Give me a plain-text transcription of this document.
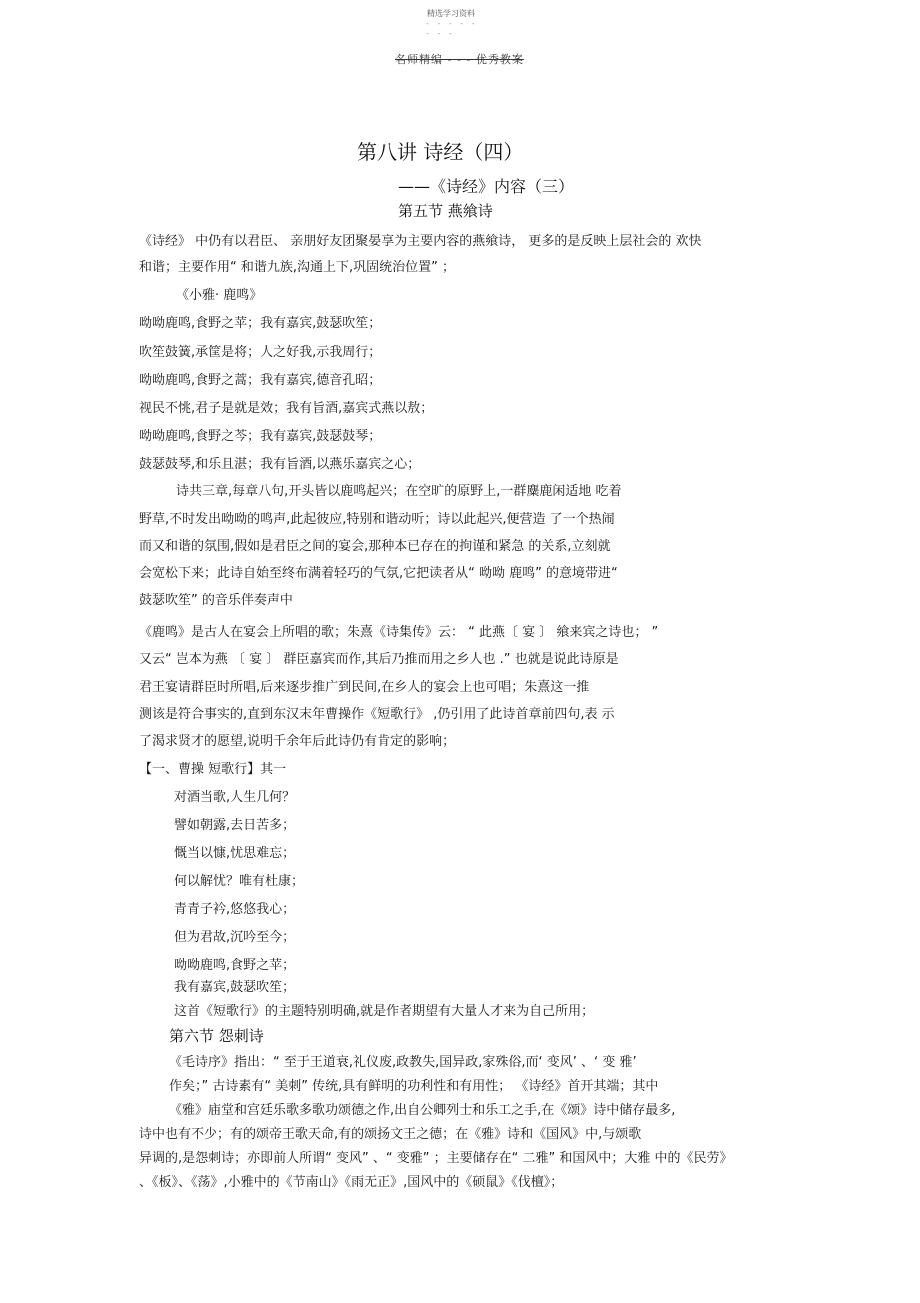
精选学习资料
- - - - -
- - -
名师精编 - - - 优秀教案
第八讲 诗经（四）
——《诗经》内容（三）
第五节 燕飨诗
《诗经》 中仍有以君臣、 亲朋好友团聚晏享为主要内容的燕飨诗， 更多的是反映上层社会的 欢快
和谐；主要作用“ 和谐九族,沟通上下,巩固统治位置” ；
《小雅· 鹿鸣》
呦呦鹿鸣,食野之苹；我有嘉宾,鼓瑟吹笙；
吹笙鼓簧,承筐是将；人之好我,示我周行；
呦呦鹿鸣,食野之蒿；我有嘉宾,德音孔昭；
视民不恌,君子是就是效；我有旨酒,嘉宾式燕以敖；
呦呦鹿鸣,食野之芩；我有嘉宾,鼓瑟鼓琴；
鼓瑟鼓琴,和乐且湛；我有旨酒,以燕乐嘉宾之心；
诗共三章,每章八句,开头皆以鹿鸣起兴；在空旷的原野上,一群麋鹿闲适地 吃着
野草,不时发出呦呦的鸣声,此起彼应,特别和谐动听；诗以此起兴,便营造 了一个热闹
而又和谐的氛围,假如是君臣之间的宴会,那种本已存在的拘谨和紧急 的关系,立刻就
会宽松下来；此诗自始至终布满着轻巧的气氛,它把读者从“ 呦呦 鹿鸣” 的意境带进“
鼓瑟吹笙” 的音乐伴奏声中
《鹿鸣》是古人在宴会上所唱的歌；朱熹《诗集传》云： “ 此燕〔 宴 〕 飨来宾之诗也； ”
又云“ 岂本为燕 〔 宴 〕 群臣嘉宾而作,其后乃推而用之乡人也 .” 也就是说此诗原是
君王宴请群臣时所唱,后来逐步推广到民间,在乡人的宴会上也可唱；朱熹这一推
测该是符合事实的,直到东汉末年曹操作《短歌行》 ,仍引用了此诗首章前四句,表 示
了渴求贤才的愿望,说明千余年后此诗仍有肯定的影响；
【一、曹操 短歌行】其一
对酒当歌,人生几何？
譬如朝露,去日苦多；
慨当以慷,忧思难忘；
何以解忧？唯有杜康；
青青子衿,悠悠我心；
但为君故,沉吟至今；
呦呦鹿鸣,食野之苹；
我有嘉宾,鼓瑟吹笙；
这首《短歌行》的主题特别明确,就是作者期望有大量人才来为自己所用；
第六节 怨刺诗
《毛诗序》指出：“ 至于王道衰,礼仪废,政教失,国异政,家殊俗,而‘ 变风’ 、‘ 变 雅’
作矣；” 古诗素有“ 美刺” 传统,具有鲜明的功利性和有用性； 《诗经》首开其端；其中
《雅》庙堂和宫廷乐歌多歌功颂德之作,出自公卿列士和乐工之手,在《颂》诗中储存最多,
诗中也有不少；有的颂帝王歌天命,有的颂扬文王之德；在《雅》诗和《国风》中,与颂歌
异调的,是怨刺诗；亦即前人所谓“ 变风” 、“ 变雅” ；主要储存在“ 二雅” 和国风中；大雅 中的《民劳》
、《板》、《荡》,小雅中的《节南山》《雨无正》,国风中的《硕鼠》《伐檀》；
